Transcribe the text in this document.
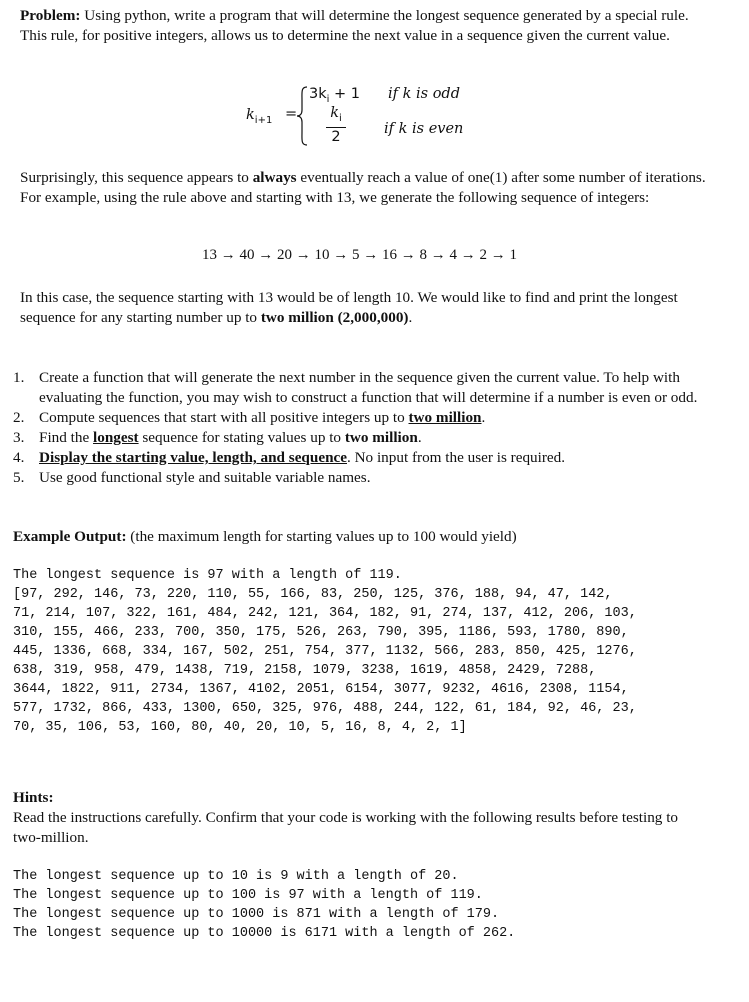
Problem: Using python, write a program that will determine the longest sequence generated by a special rule. This rule, for positive integers, allows us to determine the next value in a sequence given the current value.
$k_{i+1}$ =
$3k_i + 1$ if k is odd
$k_i$
2	if k is even
Surprisingly, this sequence appears to always eventually reach a value of one(1) after some number of iterations. For example, using the rule above and starting with 13, we generate the following sequence of integers:
13 → 40 → 20 → 10 → 5 → 16 → 8 → 4 → 2 → 1
In this case, the sequence starting with 13 would be of length 10. We would like to find and print the longest sequence for any starting number up to two million (2,000,000).
1. Create a function that will generate the next number in the sequence given the current value. To help with evaluating the function, you may wish to construct a function that will determine if a number is even or odd.
2. Compute sequences that start with all positive integers up to two million.
3. Find the longest sequence for stating values up to two million.
4. Display the starting value, length, and sequence. No input from the user is required.
5. Use good functional style and suitable variable names.
Example Output: (the maximum length for starting values up to 100 would yield)
The longest sequence is 97 with a length of 119.
[97, 292, 146, 73, 220, 110, 55, 166, 83, 250, 125, 376, 188, 94, 47, 142,
71, 214, 107, 322, 161, 484, 242, 121, 364, 182, 91, 274, 137, 412, 206, 103,
310, 155, 466, 233, 700, 350, 175, 526, 263, 790, 395, 1186, 593, 1780, 890,
445, 1336, 668, 334, 167, 502, 251, 754, 377, 1132, 566, 283, 850, 425, 1276,
638, 319, 958, 479, 1438, 719, 2158, 1079, 3238, 1619, 4858, 2429, 7288,
3644, 1822, 911, 2734, 1367, 4102, 2051, 6154, 3077, 9232, 4616, 2308, 1154,
577, 1732, 866, 433, 1300, 650, 325, 976, 488, 244, 122, 61, 184, 92, 46, 23,
70, 35, 106, 53, 160, 80, 40, 20, 10, 5, 16, 8, 4, 2, 1]
Hints:
Read the instructions carefully. Confirm that your code is working with the following results before testing to two-million.
The longest sequence up to 10 is 9 with a length of 20.
The longest sequence up to 100 is 97 with a length of 119.
The longest sequence up to 1000 is 871 with a length of 179.
The longest sequence up to 10000 is 6171 with a length of 262.
